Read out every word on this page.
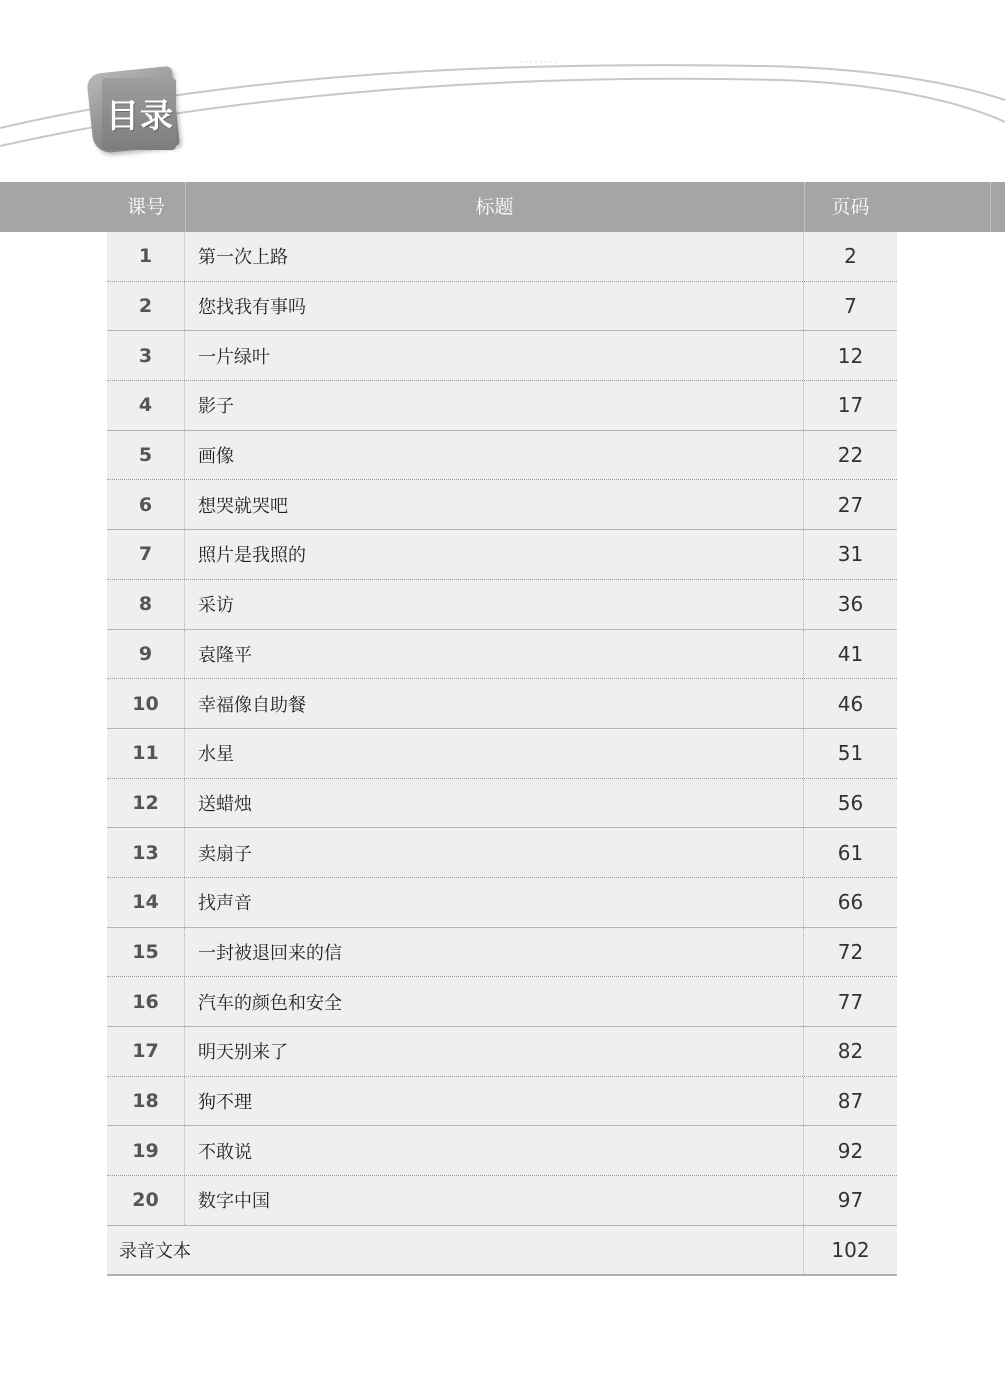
目录
课号	标题	页码
1	第一次上路	2
2	您找我有事吗	7
3	一片绿叶	12
4	影子	17
5	画像	22
6	想哭就哭吧	27
7	照片是我照的	31
8	采访	36
9	袁隆平	41
10	幸福像自助餐	46
11	水星	51
12	送蜡烛	56
13	卖扇子	61
14	找声音	66
15	一封被退回来的信	72
16	汽车的颜色和安全	77
17	明天别来了	82
18	狗不理	87
19	不敢说	92
20	数字中国	97
录音文本	102
